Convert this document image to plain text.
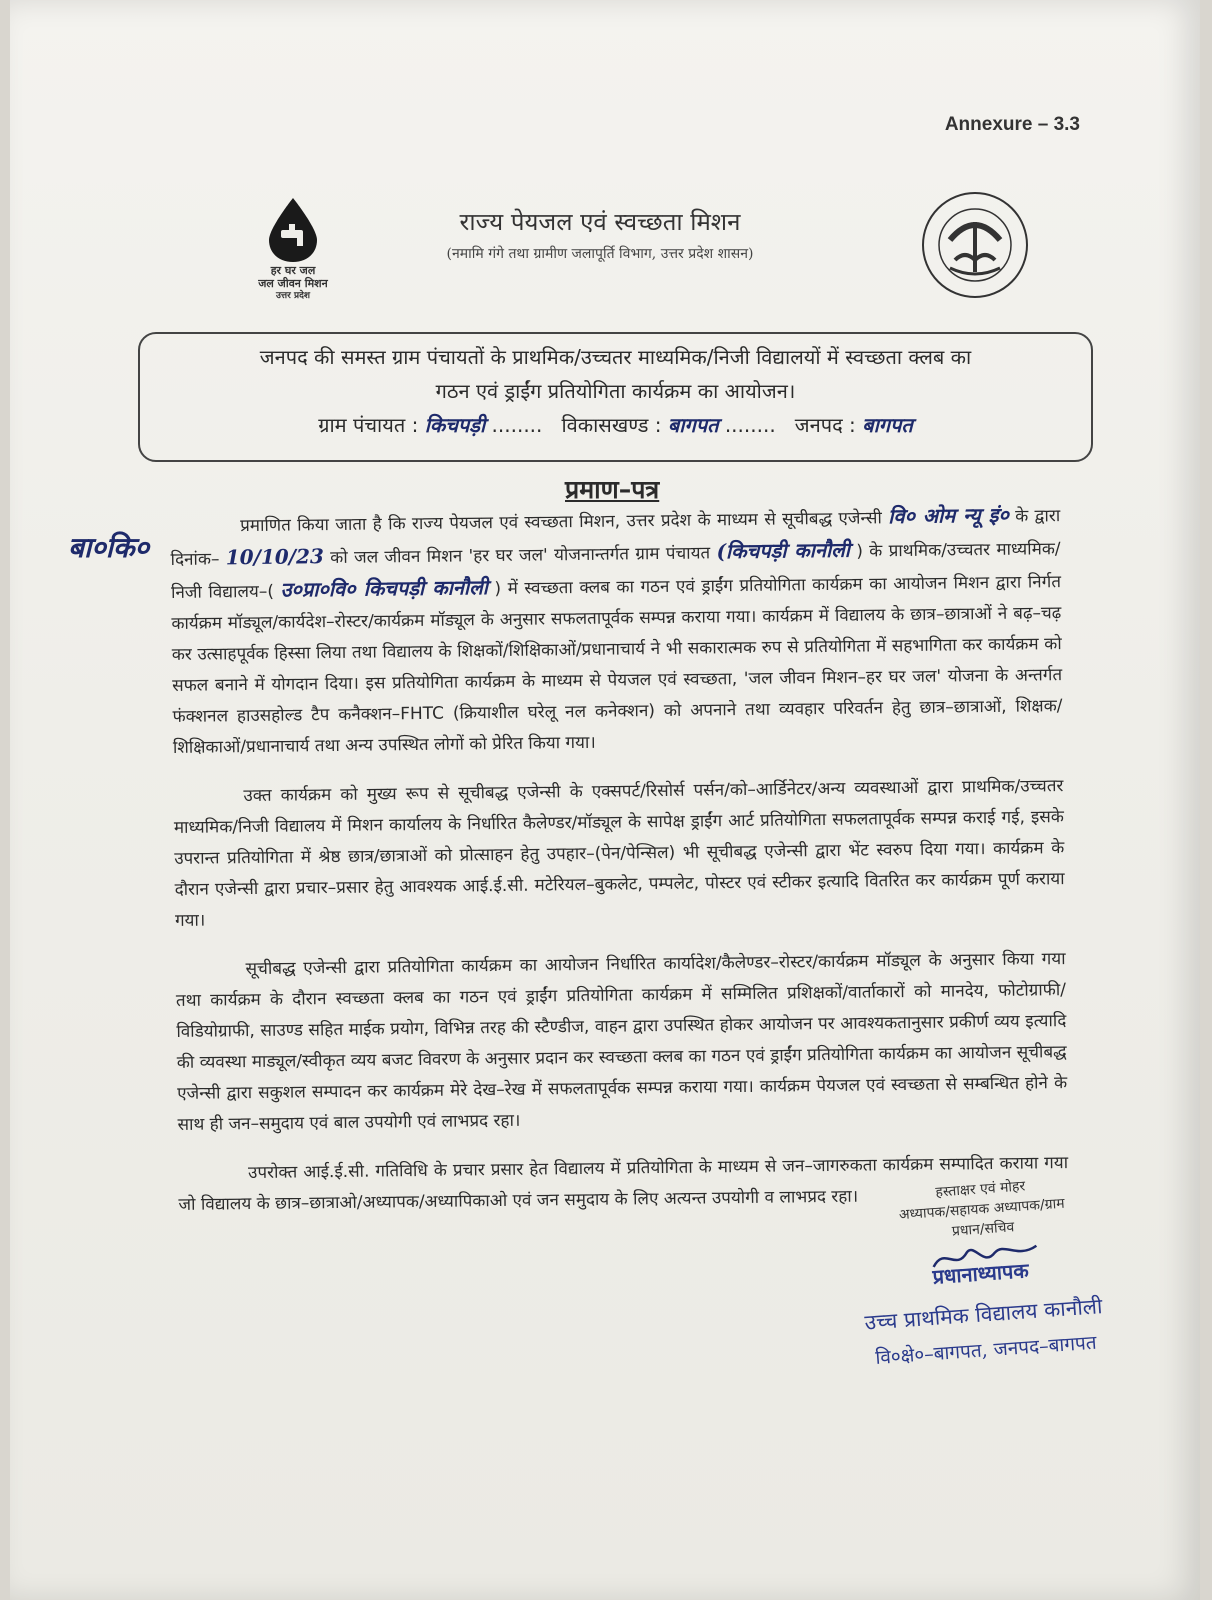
Annexure – 3.3
हर घर जल
जल जीवन मिशन
उत्तर प्रदेश
राज्य पेयजल एवं स्वच्छता मिशन
(नमामि गंगे तथा ग्रामीण जलापूर्ति विभाग, उत्तर प्रदेश शासन)
जनपद की समस्त ग्राम पंचायतों के प्राथमिक/उच्चतर माध्यमिक/निजी विद्यालयों में स्वच्छता क्लब का
गठन एवं ड्राईंग प्रतियोगिता कार्यक्रम का आयोजन।
ग्राम पंचायत : किचपड़ी ........   विकासखण्ड : बागपत ........   जनपद : बागपत
प्रमाण–पत्र
बा०कि०

प्रमाणित किया जाता है कि राज्य पेयजल एवं स्वच्छता मिशन, उत्तर प्रदेश के माध्यम से सूचीबद्ध एजेन्सी वि० ओम न्यू इं० के द्वारा दिनांक– 10/10/23 को जल जीवन मिशन 'हर घर जल' योजनान्तर्गत ग्राम पंचायत (किचपड़ी कानौली ) के प्राथमिक/उच्चतर माध्यमिक/निजी विद्यालय–( उ०प्रा०वि० किचपड़ी कानौली ) में स्वच्छता क्लब का गठन एवं ड्राईंग प्रतियोगिता कार्यक्रम का आयोजन मिशन द्वारा निर्गत कार्यक्रम मॉड्यूल/कार्यदेश–रोस्टर/कार्यक्रम मॉड्यूल के अनुसार सफलतापूर्वक सम्पन्न कराया गया। कार्यक्रम में विद्यालय के छात्र–छात्राओं ने बढ़–चढ़ कर उत्साहपूर्वक हिस्सा लिया तथा विद्यालय के शिक्षकों/शिक्षिकाओं/प्रधानाचार्य ने भी सकारात्मक रुप से प्रतियोगिता में सहभागिता कर कार्यक्रम को सफल बनाने में योगदान दिया। इस प्रतियोगिता कार्यक्रम के माध्यम से पेयजल एवं स्वच्छता, 'जल जीवन मिशन–हर घर जल' योजना के अन्तर्गत फंक्शनल हाउसहोल्ड टैप कनैक्शन–FHTC (क्रियाशील घरेलू नल कनेक्शन) को अपनाने तथा व्यवहार परिवर्तन हेतु छात्र–छात्राओं, शिक्षक/शिक्षिकाओं/प्रधानाचार्य तथा अन्य उपस्थित लोगों को प्रेरित किया गया।

उक्त कार्यक्रम को मुख्य रूप से सूचीबद्ध एजेन्सी के एक्सपर्ट/रिसोर्स पर्सन/को–आर्डिनेटर/अन्य व्यवस्थाओं द्वारा प्राथमिक/उच्चतर माध्यमिक/निजी विद्यालय में मिशन कार्यालय के निर्धारित कैलेण्डर/मॉड्यूल के सापेक्ष ड्राईंग आर्ट प्रतियोगिता सफलतापूर्वक सम्पन्न कराई गई, इसके उपरान्त प्रतियोगिता में श्रेष्ठ छात्र/छात्राओं को प्रोत्साहन हेतु उपहार–(पेन/पेन्सिल) भी सूचीबद्ध एजेन्सी द्वारा भेंट स्वरुप दिया गया। कार्यक्रम के दौरान एजेन्सी द्वारा प्रचार–प्रसार हेतु आवश्यक आई.ई.सी. मटेरियल–बुकलेट, पम्पलेट, पोस्टर एवं स्टीकर इत्यादि वितरित कर कार्यक्रम पूर्ण कराया गया।

सूचीबद्ध एजेन्सी द्वारा प्रतियोगिता कार्यक्रम का आयोजन निर्धारित कार्यादेश/कैलेण्डर–रोस्टर/कार्यक्रम मॉड्यूल के अनुसार किया गया तथा कार्यक्रम के दौरान स्वच्छता क्लब का गठन एवं ड्राईंग प्रतियोगिता कार्यक्रम में सम्मिलित प्रशिक्षकों/वार्ताकारों को मानदेय, फोटोग्राफी/विडियोग्राफी, साउण्ड सहित माईक प्रयोग, विभिन्न तरह की स्टैण्डीज, वाहन द्वारा उपस्थित होकर आयोजन पर आवश्यकतानुसार प्रकीर्ण व्यय इत्यादि की व्यवस्था माड्यूल/स्वीकृत व्यय बजट विवरण के अनुसार प्रदान कर स्वच्छता क्लब का गठन एवं ड्राईंग प्रतियोगिता कार्यक्रम का आयोजन सूचीबद्ध एजेन्सी द्वारा सकुशल सम्पादन कर कार्यक्रम मेरे देख–रेख में सफलतापूर्वक सम्पन्न कराया गया। कार्यक्रम पेयजल एवं स्वच्छता से सम्बन्धित होने के साथ ही जन–समुदाय एवं बाल उपयोगी एवं लाभप्रद रहा।

उपरोक्त आई.ई.सी. गतिविधि के प्रचार प्रसार हेत विद्यालय में प्रतियोगिता के माध्यम से जन–जागरुकता कार्यक्रम सम्पादित कराया गया जो विद्यालय के छात्र–छात्राओ/अध्यापक/अध्यापिकाओ एवं जन समुदाय के लिए अत्यन्त उपयोगी व लाभप्रद रहा।	हस्ताक्षर एवं मोहर
अध्यापक/सहायक अध्यापक/ग्राम
प्रधान/सचिव
प्रधानाध्यापक
उच्च प्राथमिक विद्यालय कानौली
वि०क्षे०–बागपत, जनपद–बागपत
